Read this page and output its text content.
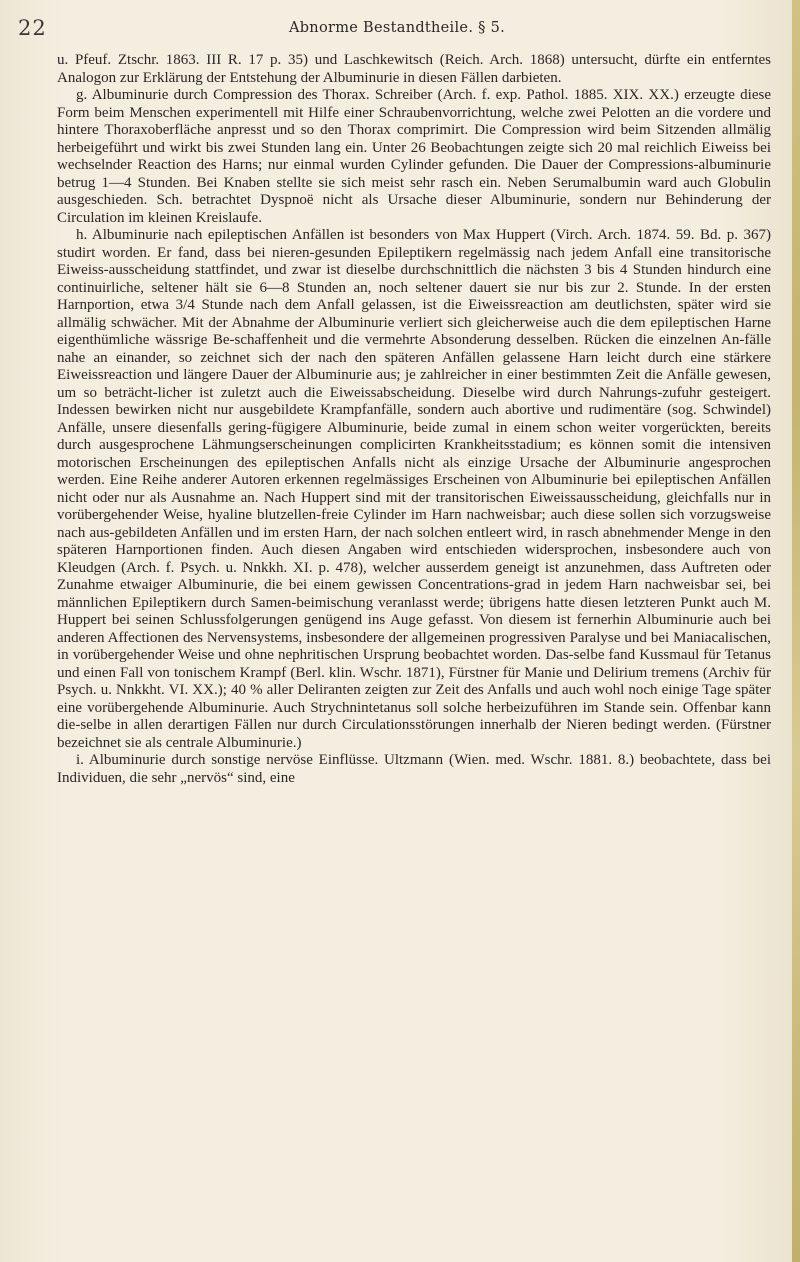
22	Abnorme Bestandtheile. § 5.

u. Pfeuf. Ztschr. 1863. III R. 17 p. 35) und Laschkewitsch (Reich. Arch. 1868) untersucht, dürfte ein entferntes Analogon zur Erklärung der Entstehung der Albuminurie in diesen Fällen darbieten.

g. Albuminurie durch Compression des Thorax. Schreiber (Arch. f. exp. Pathol. 1885. XIX. XX.) erzeugte diese Form beim Menschen experimentell mit Hilfe einer Schraubenvorrichtung, welche zwei Pelotten an die vordere und hintere Thoraxoberfläche anpresst und so den Thorax comprimirt. Die Compression wird beim Sitzenden allmälig herbeigeführt und wirkt bis zwei Stunden lang ein. Unter 26 Beobachtungen zeigte sich 20 mal reichlich Eiweiss bei wechselnder Reaction des Harns; nur einmal wurden Cylinder gefunden. Die Dauer der Compressions-albuminurie betrug 1—4 Stunden. Bei Knaben stellte sie sich meist sehr rasch ein. Neben Serumalbumin ward auch Globulin ausgeschieden. Sch. betrachtet Dyspnoë nicht als Ursache dieser Albuminurie, sondern nur Behinderung der Circulation im kleinen Kreislaufe.

h. Albuminurie nach epileptischen Anfällen ist besonders von Max Huppert (Virch. Arch. 1874. 59. Bd. p. 367) studirt worden. Er fand, dass bei nieren-gesunden Epileptikern regelmässig nach jedem Anfall eine transitorische Eiweiss-ausscheidung stattfindet, und zwar ist dieselbe durchschnittlich die nächsten 3 bis 4 Stunden hindurch eine continuirliche, seltener hält sie 6—8 Stunden an, noch seltener dauert sie nur bis zur 2. Stunde. In der ersten Harnportion, etwa 3/4 Stunde nach dem Anfall gelassen, ist die Eiweissreaction am deutlichsten, später wird sie allmälig schwächer. Mit der Abnahme der Albuminurie verliert sich gleicherweise auch die dem epileptischen Harne eigenthümliche wässrige Be-schaffenheit und die vermehrte Absonderung desselben. Rücken die einzelnen An-fälle nahe an einander, so zeichnet sich der nach den späteren Anfällen gelassene Harn leicht durch eine stärkere Eiweissreaction und längere Dauer der Albuminurie aus; je zahlreicher in einer bestimmten Zeit die Anfälle gewesen, um so beträcht-licher ist zuletzt auch die Eiweissabscheidung. Dieselbe wird durch Nahrungs-zufuhr gesteigert. Indessen bewirken nicht nur ausgebildete Krampfanfälle, sondern auch abortive und rudimentäre (sog. Schwindel) Anfälle, unsere diesenfalls gering-fügigere Albuminurie, beide zumal in einem schon weiter vorgerückten, bereits durch ausgesprochene Lähmungserscheinungen complicirten Krankheitsstadium; es können somit die intensiven motorischen Erscheinungen des epileptischen Anfalls nicht als einzige Ursache der Albuminurie angesprochen werden. Eine Reihe anderer Autoren erkennen regelmässiges Erscheinen von Albuminurie bei epileptischen Anfällen nicht oder nur als Ausnahme an. Nach Huppert sind mit der transitorischen Eiweissausscheidung, gleichfalls nur in vorübergehender Weise, hyaline blutzellen-freie Cylinder im Harn nachweisbar; auch diese sollen sich vorzugsweise nach aus-gebildeten Anfällen und im ersten Harn, der nach solchen entleert wird, in rasch abnehmender Menge in den späteren Harnportionen finden. Auch diesen Angaben wird entschieden widersprochen, insbesondere auch von Kleudgen (Arch. f. Psych. u. Nnkkh. XI. p. 478), welcher ausserdem geneigt ist anzunehmen, dass Auftreten oder Zunahme etwaiger Albuminurie, die bei einem gewissen Concentrations-grad in jedem Harn nachweisbar sei, bei männlichen Epileptikern durch Samen-beimischung veranlasst werde; übrigens hatte diesen letzteren Punkt auch M. Huppert bei seinen Schlussfolgerungen genügend ins Auge gefasst. Von diesem ist fernerhin Albuminurie auch bei anderen Affectionen des Nervensystems, insbesondere der allgemeinen progressiven Paralyse und bei Maniacalischen, in vorübergehender Weise und ohne nephritischen Ursprung beobachtet worden. Das-selbe fand Kussmaul für Tetanus und einen Fall von tonischem Krampf (Berl. klin. Wschr. 1871), Fürstner für Manie und Delirium tremens (Archiv für Psych. u. Nnkkht. VI. XX.); 40 % aller Deliranten zeigten zur Zeit des Anfalls und auch wohl noch einige Tage später eine vorübergehende Albuminurie. Auch Strychnintetanus soll solche herbeizuführen im Stande sein. Offenbar kann die-selbe in allen derartigen Fällen nur durch Circulationsstörungen innerhalb der Nieren bedingt werden. (Fürstner bezeichnet sie als centrale Albuminurie.)

i. Albuminurie durch sonstige nervöse Einflüsse. Ultzmann (Wien. med. Wschr. 1881. 8.) beobachtete, dass bei Individuen, die sehr „nervös“ sind, eine
